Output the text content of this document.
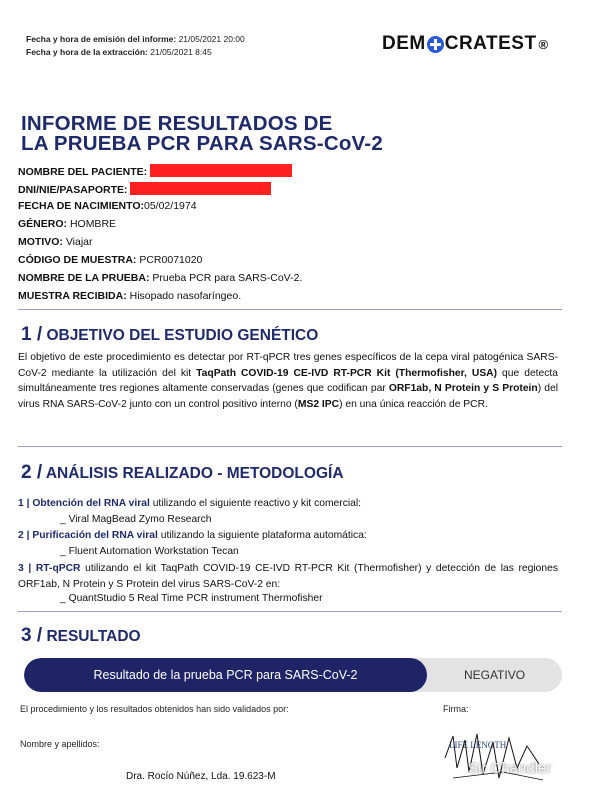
Fecha y hora de emisión del informe: 21/05/2021 20:00
Fecha y hora de la extracción: 21/05/2021 8:45	DEM CRATEST ®
INFORME DE RESULTADOS DE
LA PRUEBA PCR PARA SARS-CoV-2
NOMBRE DEL PACIENTE:
DNI/NIE/PASAPORTE:
FECHA DE NACIMIENTO:05/02/1974
GÉNERO: HOMBRE
MOTIVO: Viajar
CÓDIGO DE MUESTRA: PCR0071020
NOMBRE DE LA PRUEBA: Prueba PCR para SARS-CoV-2.
MUESTRA RECIBIDA: Hisopado nasofaríngeo.
1 / OBJETIVO DEL ESTUDIO GENÉTICO
El objetivo de este procedimiento es detectar por RT-qPCR tres genes específicos de la cepa viral patogénica SARS-CoV-2 mediante la utilización del kit TaqPath COVID-19 CE-IVD RT-PCR Kit (Thermofisher, USA) que detecta simultáneamente tres regiones altamente conservadas (genes que codifican par ORF1ab, N Protein y S Protein) del virus RNA SARS-CoV-2 junto con un control positivo interno (MS2 IPC) en una única reacción de PCR.
2 / ANÁLISIS REALIZADO - METODOLOGÍA
1 | Obtención del RNA viral utilizando el siguiente reactivo y kit comercial:
_ Viral MagBead Zymo Research
2 | Purificación del RNA viral utilizando la siguiente plataforma automática:
_ Fluent Automation Workstation Tecan
3 | RT-qPCR utilizando el kit TaqPath COVID-19 CE-IVD RT-PCR Kit (Thermofisher) y detección de las regiones ORF1ab, N Protein y S Protein del virus SARS-CoV-2 en:
_ QuantStudio 5 Real Time PCR instrument Thermofisher
3 / RESULTADO
Resultado de la prueba PCR para SARS-CoV-2	NEGATIVO
El procedimiento y los resultados obtenidos han sido validados por:	Firma:
Nombre y apellidos:
Dra. Rocío Núñez, Lda. 19.623-M
LIFE LENGTH
Sir Chandler
